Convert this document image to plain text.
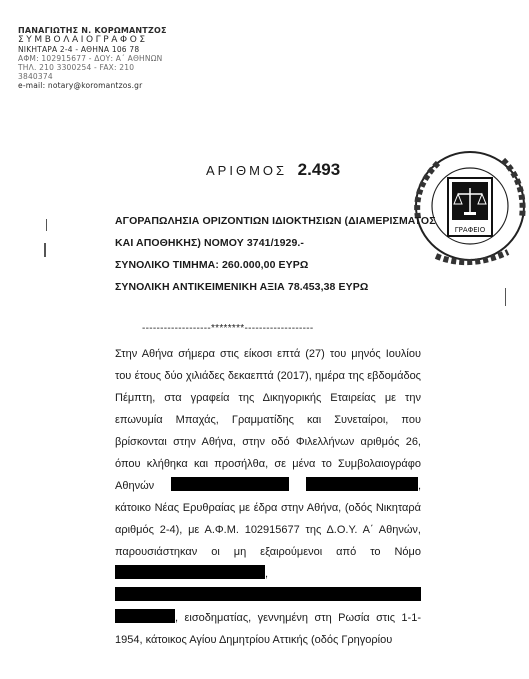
ΠΑΝΑΓΙΩΤΗΣ Ν. ΚΟΡΩΜΑΝΤΖΟΣ
ΣΥΜΒΟΛΑΙΟΓΡΑΦΟΣ
ΝΙΚΗΤΑΡΑ 2-4 - ΑΘΗΝΑ 106 78
ΑΦΜ: 102915677 - ΔΟΥ: Α΄ ΑΘΗΝΩΝ
ΤΗΛ. 210 3300254 - FAX: 210 3840374
e-mail: notary@koromantzos.gr
ΑΡΙΘΜΟΣ 2.493
ΓΡΑΦΕΙΟ
ΑΓΟΡΑΠΩΛΗΣΙΑ ΟΡΙΖΟΝΤΙΩΝ ΙΔΙΟΚΤΗΣΙΩΝ (ΔΙΑΜΕΡΙΣΜΑΤΟΣ
ΚΑΙ ΑΠΟΘΗΚΗΣ) ΝΟΜΟΥ 3741/1929.-
ΣΥΝΟΛΙΚΟ ΤΙΜΗΜΑ: 260.000,00 ΕΥΡΩ
ΣΥΝΟΛΙΚΗ ΑΝΤΙΚΕΙΜΕΝΙΚΗ ΑΞΙΑ 78.453,38 ΕΥΡΩ
-------------------********-------------------

Στην Αθήνα σήμερα στις είκοσι επτά (27) του μηνός Ιουλίου του έτους δύο χιλιάδες δεκαεπτά (2017), ημέρα της εβδομάδος Πέμπτη, στα γραφεία της Δικηγορικής Εταιρείας με την επωνυμία Μπαχάς, Γραμματίδης και Συνεταίροι, που βρίσκονται στην Αθήνα, στην οδό Φιλελλήνων αριθμός 26, όπου κλήθηκα και προσήλθα, σε μένα το Συμβολαιογράφο Αθηνών	, κάτοικο Νέας Ερυθραίας με έδρα στην Αθήνα, (οδός Νικηταρά αριθμός 2-4), με Α.Φ.Μ. 102915677 της Δ.Ο.Υ. Α΄ Αθηνών, παρουσιάστηκαν οι μη εξαιρούμενοι από το Νόμο ,  , εισοδηματίας, γεννημένη στη Ρωσία στις 1-1-1954, κάτοικος Αγίου Δημητρίου Αττικής (οδός Γρηγορίου
